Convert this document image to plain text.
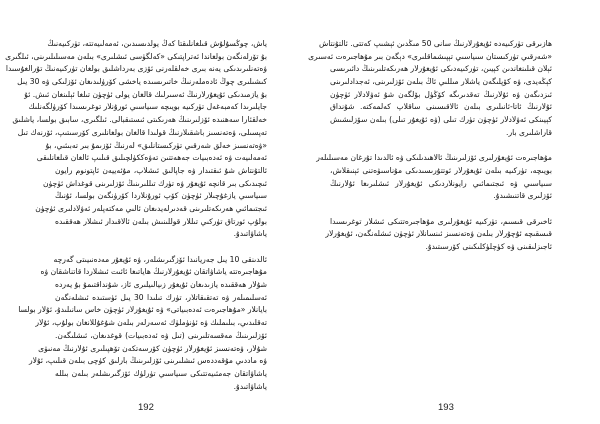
ياش، چوڭسۇلۇش قىلغانلىقتا كەڭ يولدىسىدىن، ئەمەلىيەتتە، تۈركىيەنىڭ
بۇ تۆرلەنگەن بولغاندا ئەتراپتىكى «كەلگۈسى ئىشلىرى» بىلەن مەسىلىلىرىنى، ئىلگىرى
ۋەتەنلىرىدىكى يەنە بىرى خەلقلەرنى ئۆزى بەرداشلىق بولغان تۈركىيەنىڭ تۇرالغۇسىدا
كىشىلىرى چوڭ ئادەملەرنىڭ خاتىرىسىدە ياخشى كۆرۈلىدىغان ئۆزلىكى ۋە 30 يىل
بۇ يازمىدىكى ئۇيغۇرلارنىڭ ئەسىرلىك قالغان يولى ئۈچۈن تىلغا ئېلىنغان ئىش. ئۇ
جايلىرىدا كەمبەغەل تۈركىيە بويىچە سىياسىي ئورۇنلار توغرىسىدا كۆرۈلگەنلىك
خەلقئارا سەھنىدە ئۆزلىرىنىڭ ھەرىكىتى ئىستىقبالى. ئىلگىرى، سابىق بولسا، ياشلىق
تەپسىلى، ۋەتەنسىز باشقىلارنىڭ قولىدا قالغان بولغانلىرى كۆرسىتىپ، ئۆرنەك تىل
«ۋەتەنسىز خەلق شەرقىي تۈركىستانلىق» لەرنىڭ ئۆزىمۇ بىر تەبىئىي، بۇ
ئەمەلىيەت ۋە ئەدەبىيات جەھەتتىن تەۋەككۈلچىلىق قىلىپ ئالغان قىلغانلىقى
ئالتۇنتاش شۇ ئىقتىدار ۋە جاپالىق ئىشلاپ، مۇئەييەن ئاپتونوم رايون
ئىچىدىكى بىر قانچە ئۇيغۇر ۋە تۈرك تىللىرىنىڭ ئۆزلىرىنى قوغداش ئۈچۈن
سىياسىي يازغۇچىلار ئۈچۈن كۆپ ئورۇنلاردا كۆرۈنگەن بولسا، ئۇنىڭ
ئىجتىمائىي ھەرىكەتلىرىنى قەدىرلەيدىغان ئالىي مەكتەپلەر ئەۋلادلىرى ئۈچۈن
بولۇپ ئورتاق تۈركىي تىللار قوللىنىش بىلەن ئالاقىدار ئىشلار ھەققىدە
ياشاۋاتىدۇ.
ئالدىنقى 10 يىل جەريانىدا ئۆزگىرىشلەر، ۋە ئۇيغۇر مەدەنىيىتى گەرچە
مۇھاجىرەتتە ياشاۋاتقان ئۇيغۇرلارنىڭ ھاياتىغا ئائىت ئىشلاردا قاتناشقان ۋە
شۇلار ھەققىدە يازىدىغان ئۇيغۇر زىيالىيلىرى ئاز، شۇنداقتىمۇ بۇ يەردە
ئەسلىمىلەر ۋە تەتقىقاتلار، تۈرك تىلىدا 30 يىل ئۈستىدە ئىشلەنگەن
بايانلار «مۇھاجىرەت ئەدەبىياتى» ۋە ئۇيغۇرلار ئۈچۈن خاس سانىلىدۇ، ئۇلار بولسا
تەقلىدىي، بىلىملىك ۋە ئۈنۈملۈك ئەسەرلەر بىلەن شۇغۇللانغان بولۇپ، ئۇلار
ئۆزلىرىنىڭ مەقسەتلىرىنى (تىل ۋە ئەدەبىيات) قوغدىغان، ئىشلىگەن.
شۇلار، ۋەتەنسىز ئۇيغۇرلار ئۈچۈن كۆرسەتكەن تۆھپىلىرى ئۇلارنىڭ مەنىۋى
ۋە ماددىي مۇقەددەس ئىشلىرىنى ئۆزلىرىنىڭ بارلىق كۈچى بىلەن قىلىپ، ئۇلار
ياشاۋاتقان جەمئىيەتتىكى سىياسىي تۈرلۈك ئۆزگىرىشلەر بىلەن بىللە
ياشاۋاتىدۇ.
192
ھازىرقى تۈركىيەدە ئۇيغۇرلارنىڭ سانى 50 مىڭدىن ئېشىپ كەتتى. ئالتۇنتاش
«شەرقىي تۈركىستان سىياسىي تېپىشماقلىرى» دېگەن بىر مۇھاجىرەت ئەسىرى
ئېلان قىلىنغاندىن كېيىن، تۈركىيەدىكى ئۇيغۇرلار ھەرىكەتلىرىنىڭ دائىرىسى
كېڭەيدى، ۋە كۆپلىگەن ياشلار مىللىي ئاڭ بىلەن ئۆزلىرىنى، ئەجدادلىرىنى
ئىزدىگەن ۋە ئۇلارنىڭ تەقدىرىگە كۆڭۈل بۆلگەن شۇ ئەۋلادلار ئۈچۈن
ئۇلارنىڭ ئاتا-ئانىلىرى بىلەن ئالاقىسىنى ساقلاپ كەلمەكتە. شۇنداق
كېيىنكى ئەۋلادلار ئۈچۈن تۈرك تىلى (ۋە ئۇيغۇر تىلى) بىلەن سۆزلىشىش
قاراشلىرى بار.
مۇھاجىرەت ئۇيغۇرلىرى ئۆزلىرىنىڭ ئالاھىدىلىكى ۋە ئالدىدا تۇرغان مەسىلىلەر
بويىچە، تۈركىيە بىلەن ئۇيغۇرلار ئوتتۇرىسىدىكى مۇناسىۋەتنى ئېنىقلاش،
سىياسىي ۋە ئىجتىمائىي رايونلاردىكى ئۇيغۇرلار ئىشلىرىغا ئۇلارنىڭ
ئۆزلىرى قاتنىشىدۇ.
ئاخىرقى قىسىم، تۈركىيە ئۇيغۇرلىرى مۇھاجىرەتتىكى ئىشلار توغرىسىدا
قىسقىچە ئۇچۇرلار بىلەن ۋەتەنسىز ئىنسانلار ئۈچۈن ئىشلەنگەن، ئۇيغۇرلار
ئاجىزلىقىنى ۋە كۈچلۈكلىكىنى كۆرسىتىدۇ.
193
